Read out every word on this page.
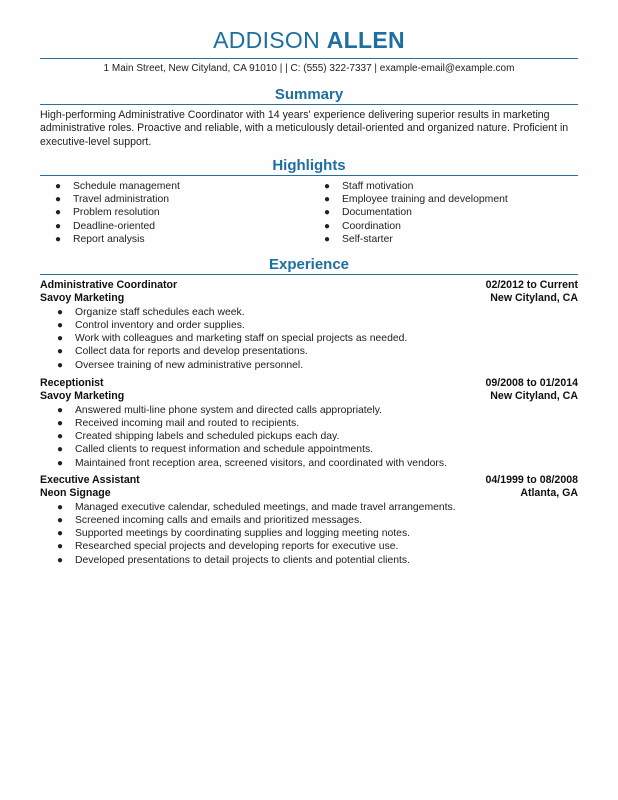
ADDISON ALLEN
1 Main Street, New Cityland, CA 91010 | | C: (555) 322-7337 | example-email@example.com
Summary
High-performing Administrative Coordinator with 14 years' experience delivering superior results in marketing administrative roles. Proactive and reliable, with a meticulously detail-oriented and organized nature. Proficient in executive-level support.
Highlights
● Schedule management
● Travel administration
● Problem resolution
● Deadline-oriented
● Report analysis
● Staff motivation
● Employee training and development
● Documentation
● Coordination
● Self-starter
Experience
Administrative Coordinator	02/2012 to Current
Savoy Marketing	New Cityland, CA
● Organize staff schedules each week.
● Control inventory and order supplies.
● Work with colleagues and marketing staff on special projects as needed.
● Collect data for reports and develop presentations.
● Oversee training of new administrative personnel.
Receptionist	09/2008 to 01/2014
Savoy Marketing	New Cityland, CA
● Answered multi-line phone system and directed calls appropriately.
● Received incoming mail and routed to recipients.
● Created shipping labels and scheduled pickups each day.
● Called clients to request information and schedule appointments.
● Maintained front reception area, screened visitors, and coordinated with vendors.
Executive Assistant	04/1999 to 08/2008
Neon Signage	Atlanta, GA
● Managed executive calendar, scheduled meetings, and made travel arrangements.
● Screened incoming calls and emails and prioritized messages.
● Supported meetings by coordinating supplies and logging meeting notes.
● Researched special projects and developing reports for executive use.
● Developed presentations to detail projects to clients and potential clients.
